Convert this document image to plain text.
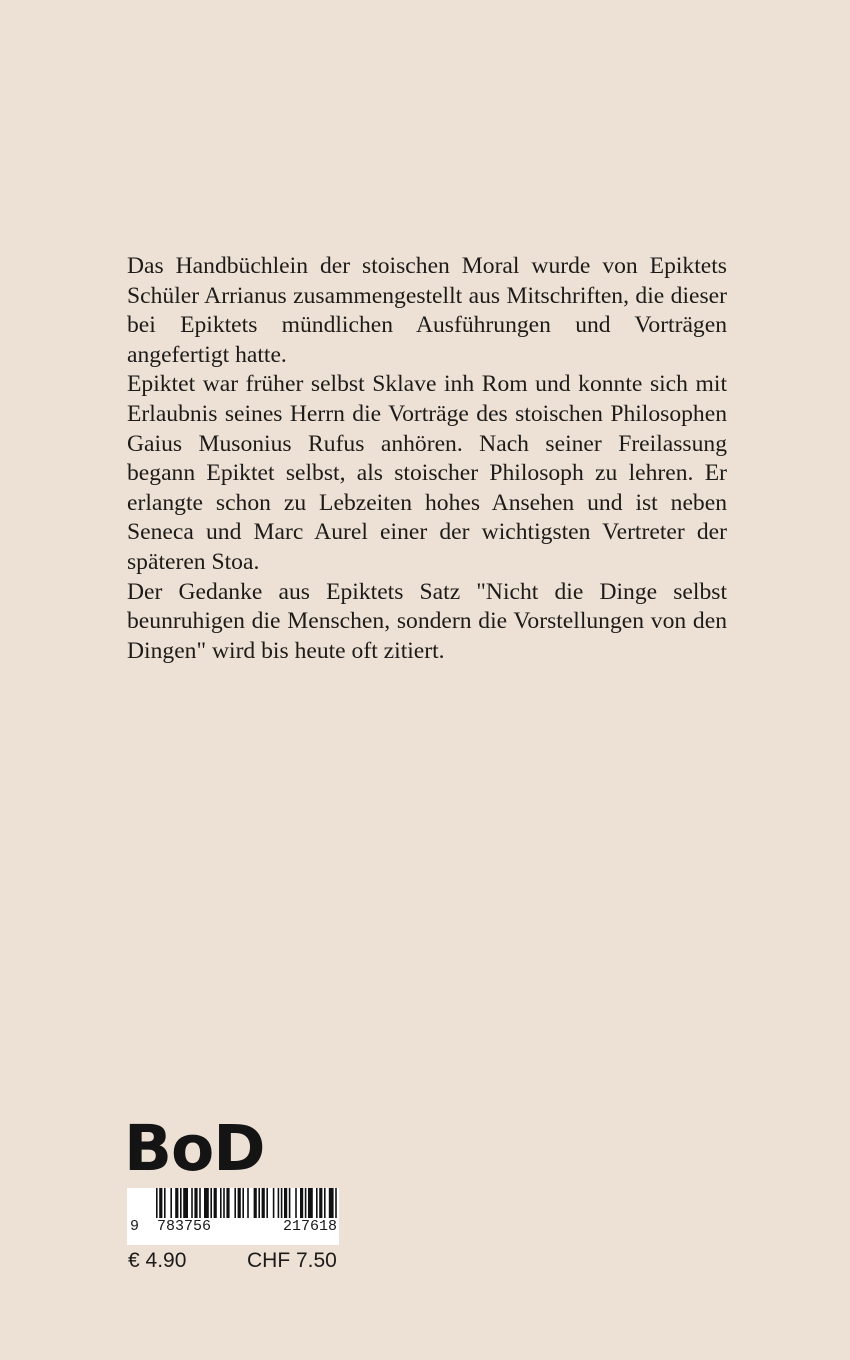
Das Handbüchlein der stoischen Moral wurde von Epiktets Schüler Arrianus zusammengestellt aus Mitschriften, die dieser bei Epiktets mündlichen Ausführungen und Vorträgen angefertigt hatte.

Epiktet war früher selbst Sklave inh Rom und konnte sich mit Erlaubnis seines Herrn die Vorträge des stoischen Philosophen Gaius Musonius Rufus anhören. Nach seiner Freilassung begann Epiktet selbst, als stoischer Philosoph zu lehren. Er erlangte schon zu Lebzeiten hohes Ansehen und ist neben Seneca und Marc Aurel einer der wichtigsten Vertreter der späteren Stoa.

Der Gedanke aus Epiktets Satz "Nicht die Dinge selbst beunruhigen die Menschen, sondern die Vorstellungen von den Dingen" wird bis heute oft zitiert.

BoD
9 783756	217618
€ 4.90	CHF 7.50
